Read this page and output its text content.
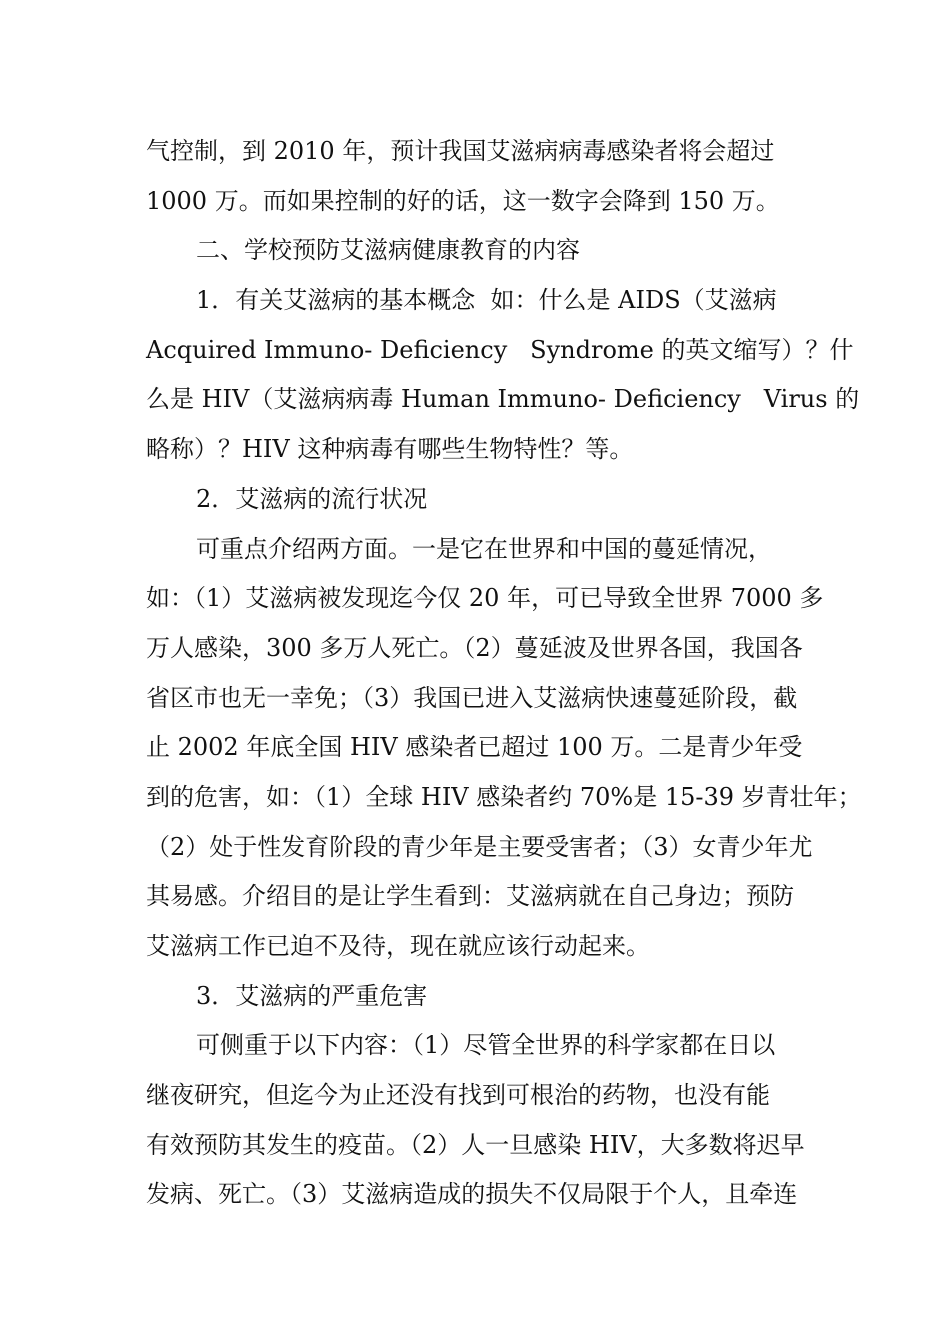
气控制，到 2010 年，预计我国艾滋病病毒感染者将会超过
1000 万。而如果控制的好的话，这一数字会降到 150 万。
二、学校预防艾滋病健康教育的内容
1．有关艾滋病的基本概念  如：什么是 AIDS（艾滋病
Acquired Immuno- Deficiency   Syndrome 的英文缩写）？什
么是 HIV（艾滋病病毒 Human Immuno- Deficiency   Virus 的
略称）？HIV 这种病毒有哪些生物特性？等。
2．艾滋病的流行状况
可重点介绍两方面。一是它在世界和中国的蔓延情况，
如：（1）艾滋病被发现迄今仅 20 年，可已导致全世界 7000 多
万人感染，300 多万人死亡。（2）蔓延波及世界各国，我国各
省区市也无一幸免；（3）我国已进入艾滋病快速蔓延阶段，截
止 2002 年底全国 HIV 感染者已超过 100 万。二是青少年受
到的危害，如：（1）全球 HIV 感染者约 70%是 15-39 岁青壮年；
（2）处于性发育阶段的青少年是主要受害者；（3）女青少年尤
其易感。介绍目的是让学生看到：艾滋病就在自己身边；预防
艾滋病工作已迫不及待，现在就应该行动起来。
3．艾滋病的严重危害
可侧重于以下内容：（1）尽管全世界的科学家都在日以
继夜研究，但迄今为止还没有找到可根治的药物，也没有能
有效预防其发生的疫苗。（2）人一旦感染 HIV，大多数将迟早
发病、死亡。（3）艾滋病造成的损失不仅局限于个人，且牵连
